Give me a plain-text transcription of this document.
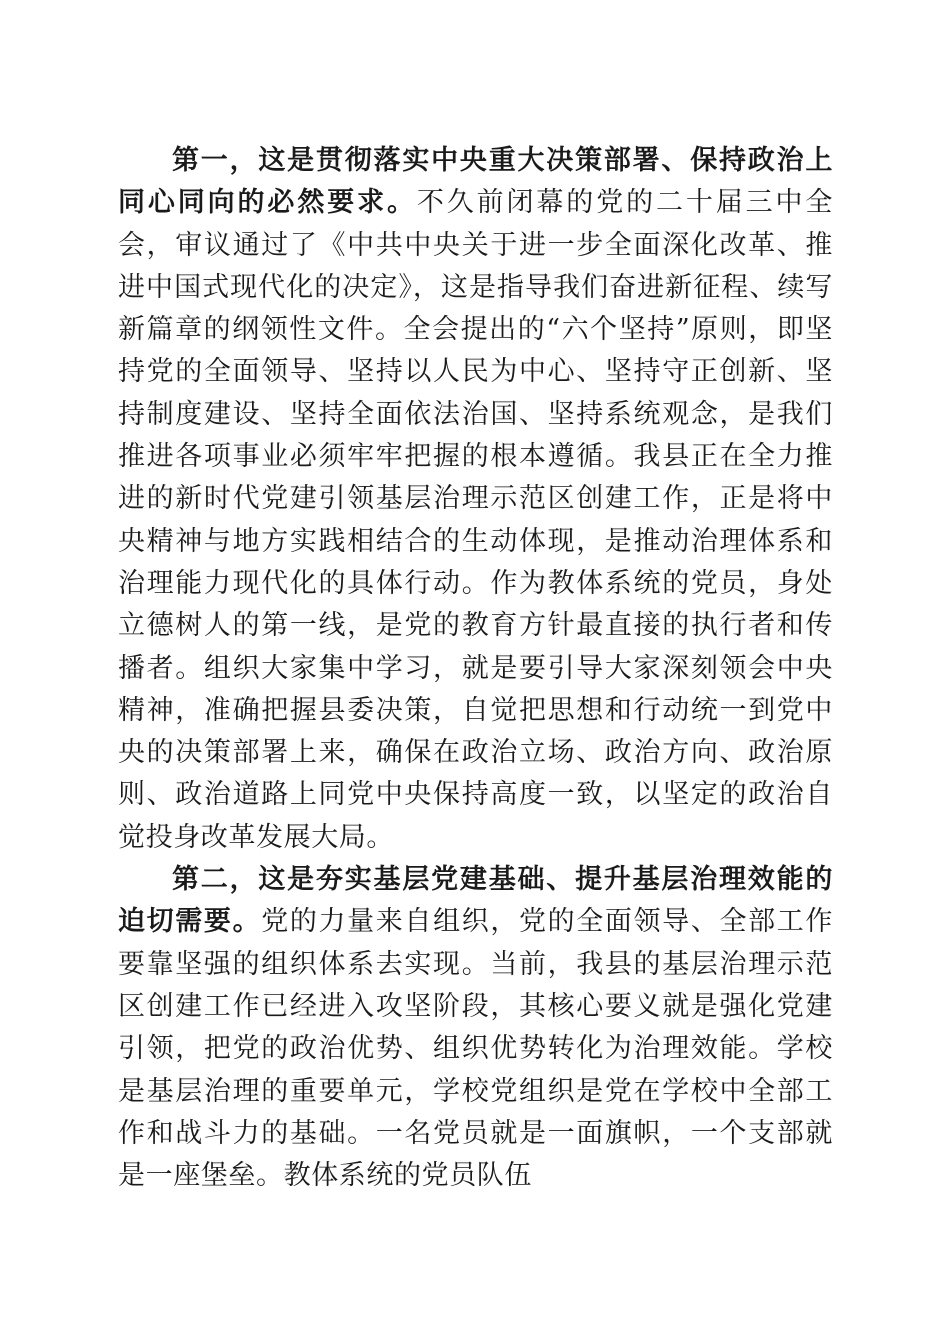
第一，这是贯彻落实中央重大决策部署、保持政治上同心同向的必然要求。不久前闭幕的党的二十届三中全会，审议通过了《中共中央关于进一步全面深化改革、推进中国式现代化的决定》，这是指导我们奋进新征程、续写新篇章的纲领性文件。全会提出的“六个坚持”原则，即坚持党的全面领导、坚持以人民为中心、坚持守正创新、坚持制度建设、坚持全面依法治国、坚持系统观念，是我们推进各项事业必须牢牢把握的根本遵循。我县正在全力推进的新时代党建引领基层治理示范区创建工作，正是将中央精神与地方实践相结合的生动体现，是推动治理体系和治理能力现代化的具体行动。作为教体系统的党员，身处立德树人的第一线，是党的教育方针最直接的执行者和传播者。组织大家集中学习，就是要引导大家深刻领会中央精神，准确把握县委决策，自觉把思想和行动统一到党中央的决策部署上来，确保在政治立场、政治方向、政治原则、政治道路上同党中央保持高度一致，以坚定的政治自觉投身改革发展大局。

第二，这是夯实基层党建基础、提升基层治理效能的迫切需要。党的力量来自组织，党的全面领导、全部工作要靠坚强的组织体系去实现。当前，我县的基层治理示范区创建工作已经进入攻坚阶段，其核心要义就是强化党建引领，把党的政治优势、组织优势转化为治理效能。学校是基层治理的重要单元，学校党组织是党在学校中全部工作和战斗力的基础。一名党员就是一面旗帜，一个支部就是一座堡垒。教体系统的党员队伍
